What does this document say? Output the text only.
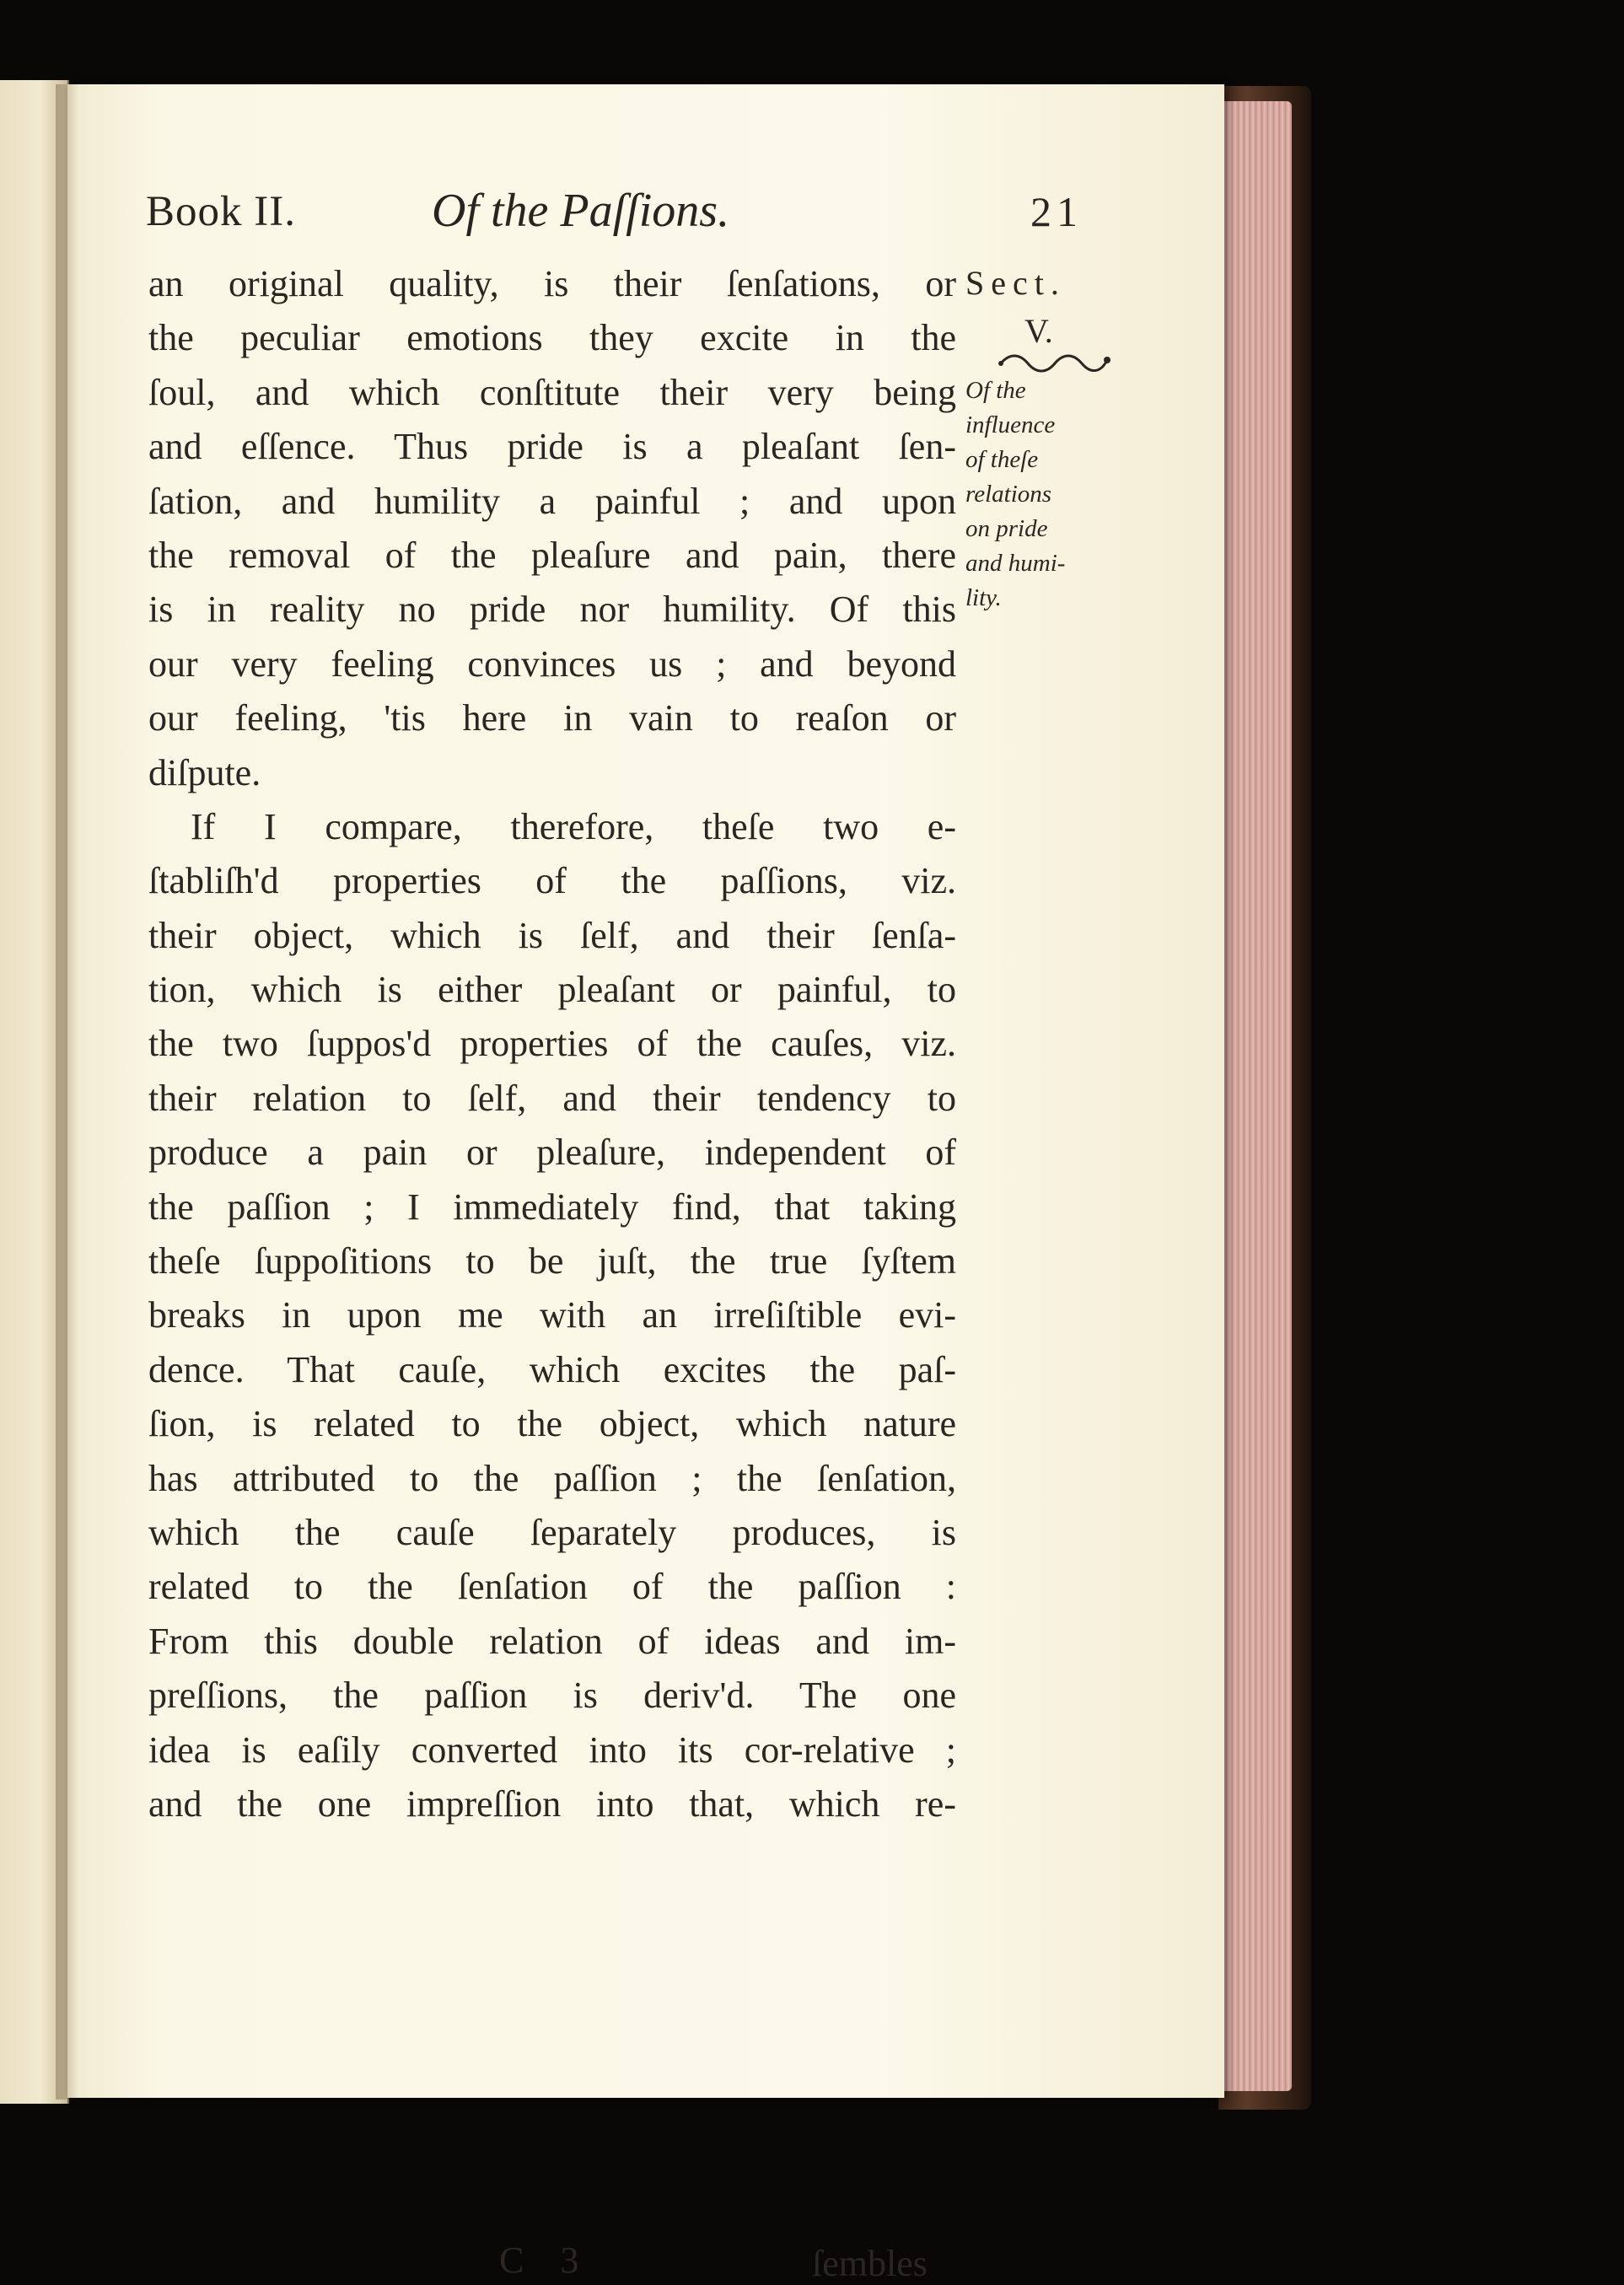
Book II.	Of the Paſſions.	21
an original quality, is their ſenſations, or
the peculiar emotions they excite in the
ſoul, and which conſtitute their very being
and eſſence. Thus pride is a pleaſant ſen-
ſation, and humility a painful ; and upon
the removal of the pleaſure and pain, there
is in reality no pride nor humility. Of this
our very feeling convinces us ; and beyond
our feeling, 'tis here in vain to reaſon or
diſpute.
If I compare, therefore, theſe two e-
ſtabliſh'd properties of the paſſions, viz.
their object, which is ſelf, and their ſenſa-
tion, which is either pleaſant or painful, to
the two ſuppos'd properties of the cauſes, viz.
their relation to ſelf, and their tendency to
produce a pain or pleaſure, independent of
the paſſion ; I immediately find, that taking
theſe ſuppoſitions to be juſt, the true ſyſtem
breaks in upon me with an irreſiſtible evi-
dence. That cauſe, which excites the paſ-
ſion, is related to the object, which nature
has attributed to the paſſion ; the ſenſation,
which the cauſe ſeparately produces, is
related to the ſenſation of the paſſion :
From this double relation of ideas and im-
preſſions, the paſſion is deriv'd. The one
idea is eaſily converted into its cor-relative ;
and the one impreſſion into that, which re-
Sect.
V.
Of the
influence
of theſe
relations
on pride
and humi-
lity.
C 3	ſembles
